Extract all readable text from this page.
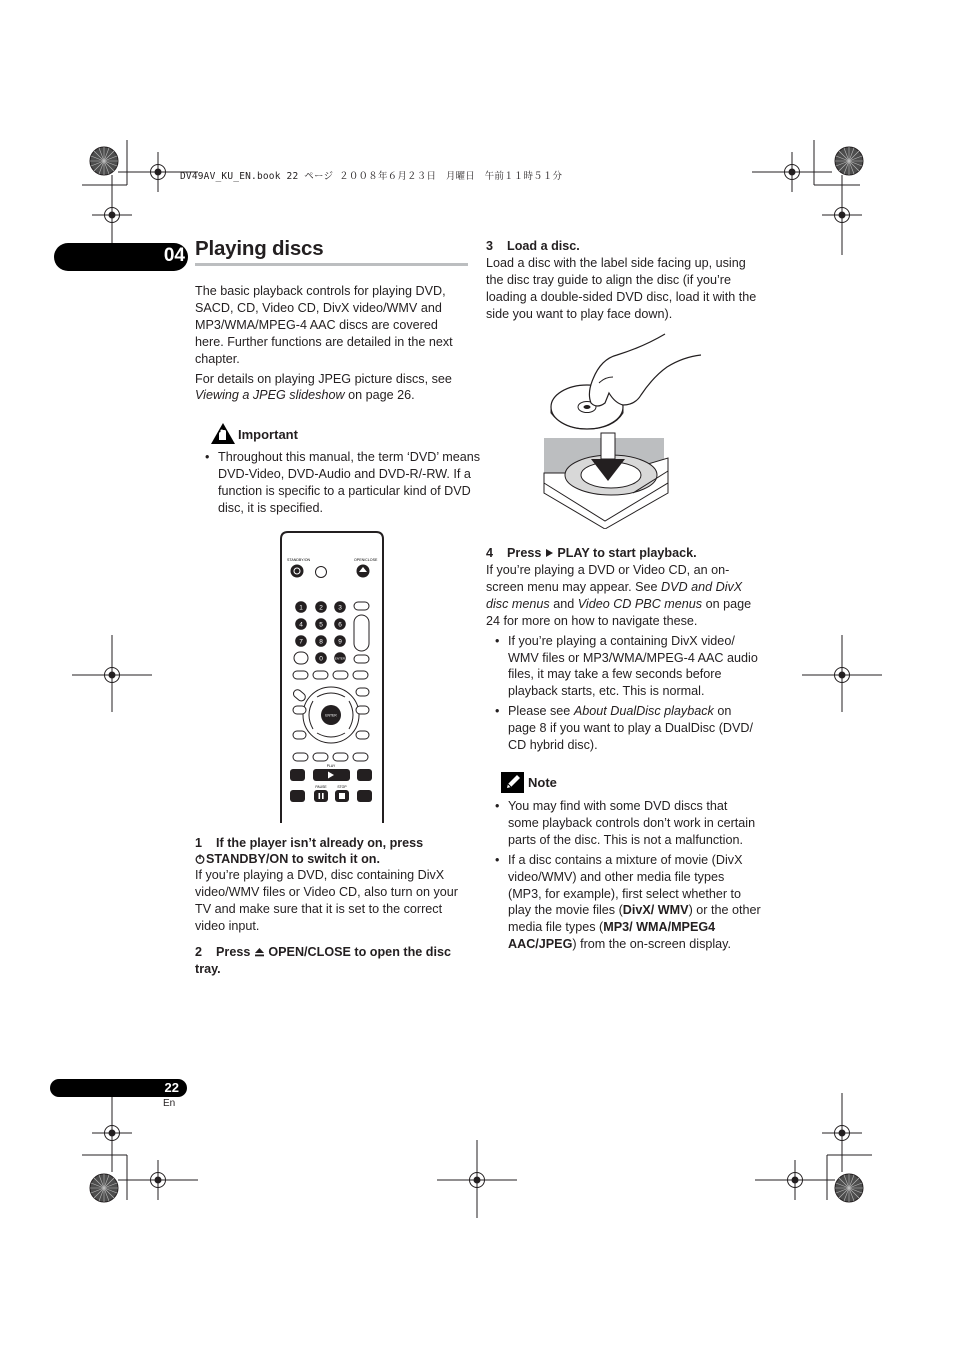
DV49AV_KU_EN.book 22 ページ ２００８年６月２３日　月曜日　午前１１時５１分
04 Playing discs

The basic playback controls for playing DVD, SACD, CD, Video CD, DivX video/WMV and MP3/WMA/MPEG-4 AAC discs are covered here. Further functions are detailed in the next chapter.

For details on playing JPEG picture discs, see Viewing a JPEG slideshow on page 26.

Important
• Throughout this manual, the term ‘DVD’ means DVD-Video, DVD-Audio and DVD-R/-RW. If a function is specific to a particular kind of DVD disc, it is specified.
STANDBY/ON	OPEN/CLOSE
1	2 3
4	5 6
7	8 9
0	ENTER
ENTER
PLAY
PAUSE	STOP
1 If the player isn’t already on, press
STANDBY/ON to switch it on.
If you’re playing a DVD, disc containing DivX video/WMV files or Video CD, also turn on your TV and make sure that it is set to the correct video input.
2 Press OPEN/CLOSE to open the disc tray.
3 Load a disc.
Load a disc with the label side facing up, using the disc tray guide to align the disc (if you’re loading a double-sided DVD disc, load it with the side you want to play face down).
4 Press PLAY to start playback.

If you’re playing a DVD or Video CD, an on-screen menu may appear. See DVD and DivX disc menus and Video CD PBC menus on page 24 for more on how to navigate these.

• If you’re playing a containing DivX video/ WMV files or MP3/WMA/MPEG-4 AAC audio files, it may take a few seconds before playback starts, etc. This is normal.

• Please see About DualDisc playback on page 8 if you want to play a DualDisc (DVD/ CD hybrid disc).

Note

• You may find with some DVD discs that some playback controls don’t work in certain parts of the disc. This is not a malfunction.

• If a disc contains a mixture of movie (DivX video/WMV) and other media file types (MP3, for example), first select whether to play the movie files (DivX/ WMV) or the other media file types (MP3/ WMA/MPEG4 AAC/JPEG) from the on-screen display.

22
En
